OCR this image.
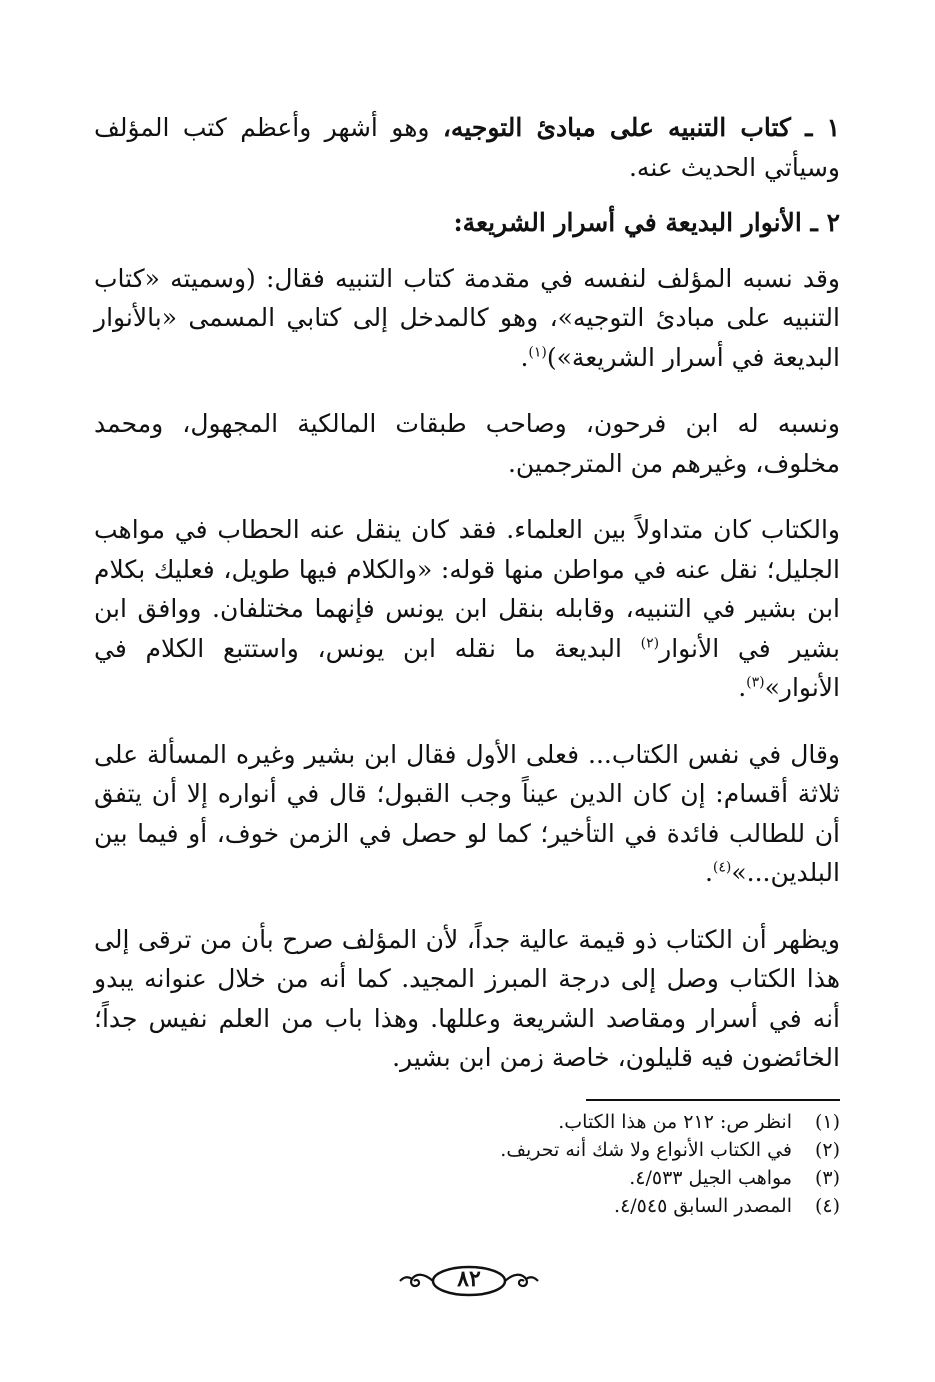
١ ـ كتاب التنبيه على مبادئ التوجيه، وهو أشهر وأعظم كتب المؤلف وسيأتي الحديث عنه.

٢ ـ الأنوار البديعة في أسرار الشريعة:

وقد نسبه المؤلف لنفسه في مقدمة كتاب التنبيه فقال: (وسميته «كتاب التنبيه على مبادئ التوجيه»، وهو كالمدخل إلى كتابي المسمى «بالأنوار البديعة في أسرار الشريعة»)$^{(١)}$.

ونسبه له ابن فرحون، وصاحب طبقات المالكية المجهول، ومحمد مخلوف، وغيرهم من المترجمين.

والكتاب كان متداولاً بين العلماء. فقد كان ينقل عنه الحطاب في مواهب الجليل؛ نقل عنه في مواطن منها قوله: «والكلام فيها طويل، فعليك بكلام ابن بشير في التنبيه، وقابله بنقل ابن يونس فإنهما مختلفان. ووافق ابن بشير في الأنوار$^{(٢)}$ البديعة ما نقله ابن يونس، واستتبع الكلام في الأنوار»$^{(٣)}$.

وقال في نفس الكتاب... فعلى الأول فقال ابن بشير وغيره المسألة على ثلاثة أقسام: إن كان الدين عيناً وجب القبول؛ قال في أنواره إلا أن يتفق أن للطالب فائدة في التأخير؛ كما لو حصل في الزمن خوف، أو فيما بين البلدين...»$^{(٤)}$.

ويظهر أن الكتاب ذو قيمة عالية جداً، لأن المؤلف صرح بأن من ترقى إلى هذا الكتاب وصل إلى درجة المبرز المجيد. كما أنه من خلال عنوانه يبدو أنه في أسرار ومقاصد الشريعة وعللها. وهذا باب من العلم نفيس جداً؛ الخائضون فيه قليلون، خاصة زمن ابن بشير.

(١)
انظر ص: ٢١٢ من هذا الكتاب.
(٢)
في الكتاب الأنواع ولا شك أنه تحريف.
(٣)
مواهب الجيل ٤/٥٣٣.
(٤)
المصدر السابق ٤/٥٤٥.
٨٢
